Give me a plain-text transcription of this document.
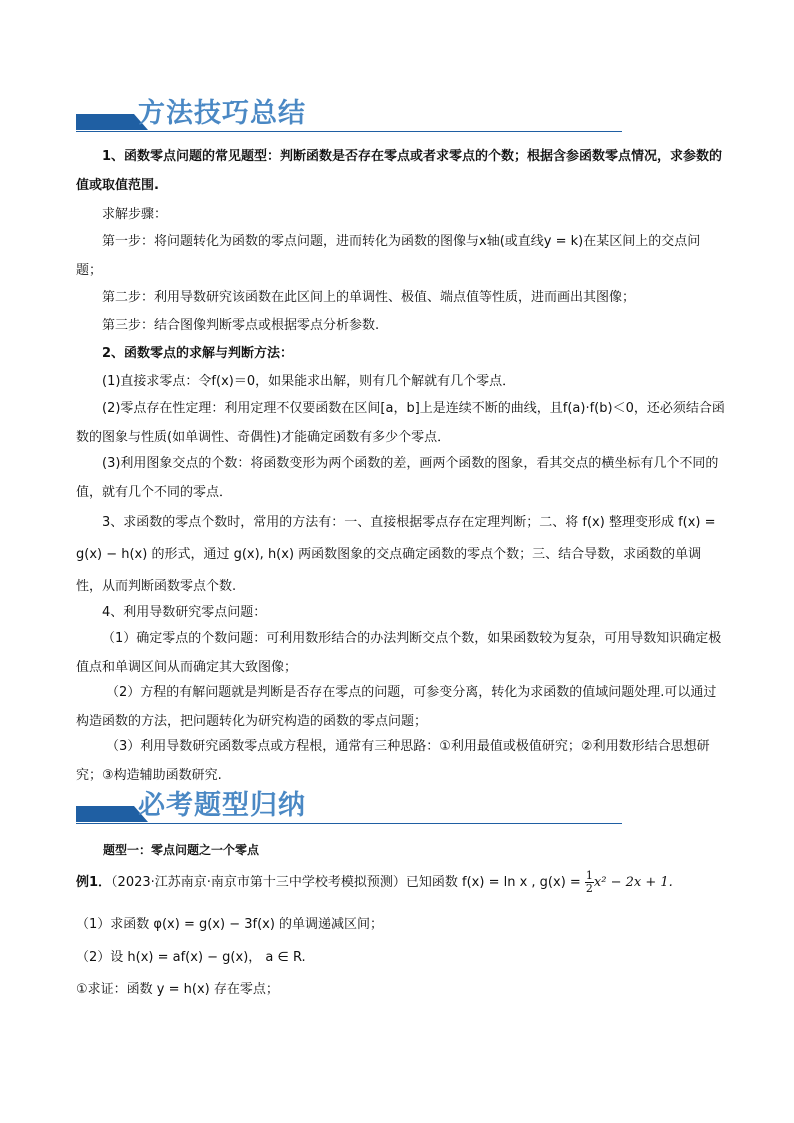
方法技巧总结

1、函数零点问题的常见题型：判断函数是否存在零点或者求零点的个数；根据含参函数零点情况，求参数的值或取值范围.

求解步骤：

第一步：将问题转化为函数的零点问题，进而转化为函数的图像与x轴(或直线y = k)在某区间上的交点问题；

第二步：利用导数研究该函数在此区间上的单调性、极值、端点值等性质，进而画出其图像；

第三步：结合图像判断零点或根据零点分析参数.

2、函数零点的求解与判断方法：

(1)直接求零点：令f(x)＝0，如果能求出解，则有几个解就有几个零点．

(2)零点存在性定理：利用定理不仅要函数在区间[a，b]上是连续不断的曲线，且f(a)·f(b)＜0，还必须结合函数的图象与性质(如单调性、奇偶性)才能确定函数有多少个零点．

(3)利用图象交点的个数：将函数变形为两个函数的差，画两个函数的图象，看其交点的横坐标有几个不同的值，就有几个不同的零点．

3、求函数的零点个数时，常用的方法有：一、直接根据零点存在定理判断；二、将 f(x) 整理变形成 f(x) = g(x) − h(x) 的形式，通过 g(x), h(x) 两函数图象的交点确定函数的零点个数；三、结合导数，求函数的单调性，从而判断函数零点个数.

4、利用导数研究零点问题：

（1）确定零点的个数问题：可利用数形结合的办法判断交点个数，如果函数较为复杂，可用导数知识确定极值点和单调区间从而确定其大致图像；

（2）方程的有解问题就是判断是否存在零点的问题，可参变分离，转化为求函数的值域问题处理.可以通过构造函数的方法，把问题转化为研究构造的函数的零点问题；

（3）利用导数研究函数零点或方程根，通常有三种思路：①利用最值或极值研究；②利用数形结合思想研究；③构造辅助函数研究.

必考题型归纳

题型一：零点问题之一个零点

例1．（2023·江苏南京·南京市第十三中学校考模拟预测）已知函数 f(x) = ln x , $g(x) = \frac{1}{2} x^2 - 2x + 1$.

（1）求函数 φ(x) = g(x) − 3f(x) 的单调递减区间；

（2）设 h(x) = af(x) − g(x)， a ∈ R.

①求证：函数 y = h(x) 存在零点；
